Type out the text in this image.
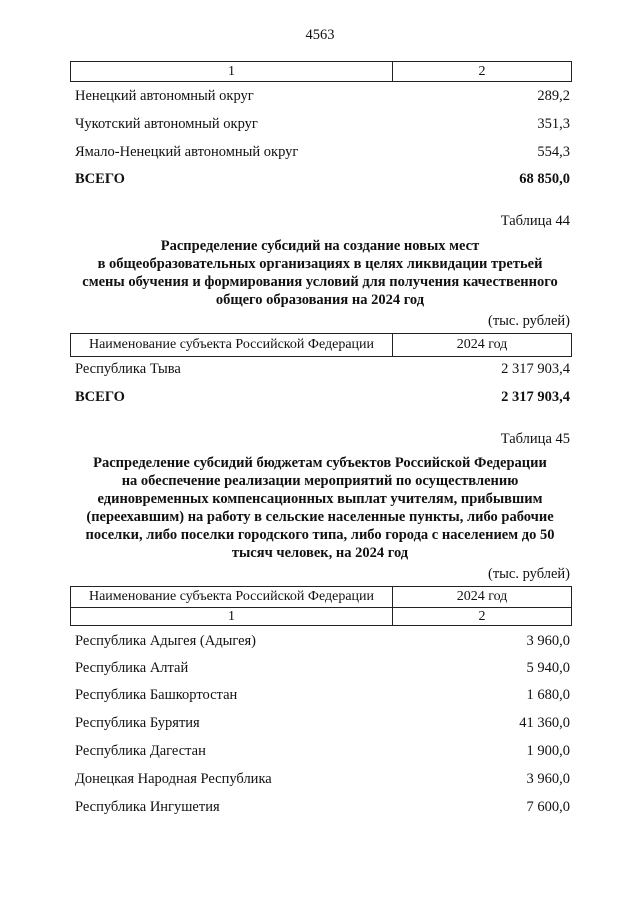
4563
1	2
Ненецкий автономный округ	289,2
Чукотский автономный округ	351,3
Ямало-Ненецкий автономный округ	554,3
ВСЕГО	68 850,0
Таблица 44
Распределение субсидий на создание новых мест
в общеобразовательных организациях в целях ликвидации третьей
смены обучения и формирования условий для получения качественного
общего образования на 2024 год
(тыс. рублей)
Наименование субъекта Российской Федерации	2024 год
Республика Тыва	2 317 903,4
ВСЕГО	2 317 903,4
Таблица 45
Распределение субсидий бюджетам субъектов Российской Федерации
на обеспечение реализации мероприятий по осуществлению
единовременных компенсационных выплат учителям, прибывшим
(переехавшим) на работу в сельские населенные пункты, либо рабочие
поселки, либо поселки городского типа, либо города с населением до 50
тысяч человек, на 2024 год
(тыс. рублей)
Наименование субъекта Российской Федерации	2024 год
1	2
Республика Адыгея (Адыгея)	3 960,0
Республика Алтай	5 940,0
Республика Башкортостан	1 680,0
Республика Бурятия	41 360,0
Республика Дагестан	1 900,0
Донецкая Народная Республика	3 960,0
Республика Ингушетия	7 600,0
